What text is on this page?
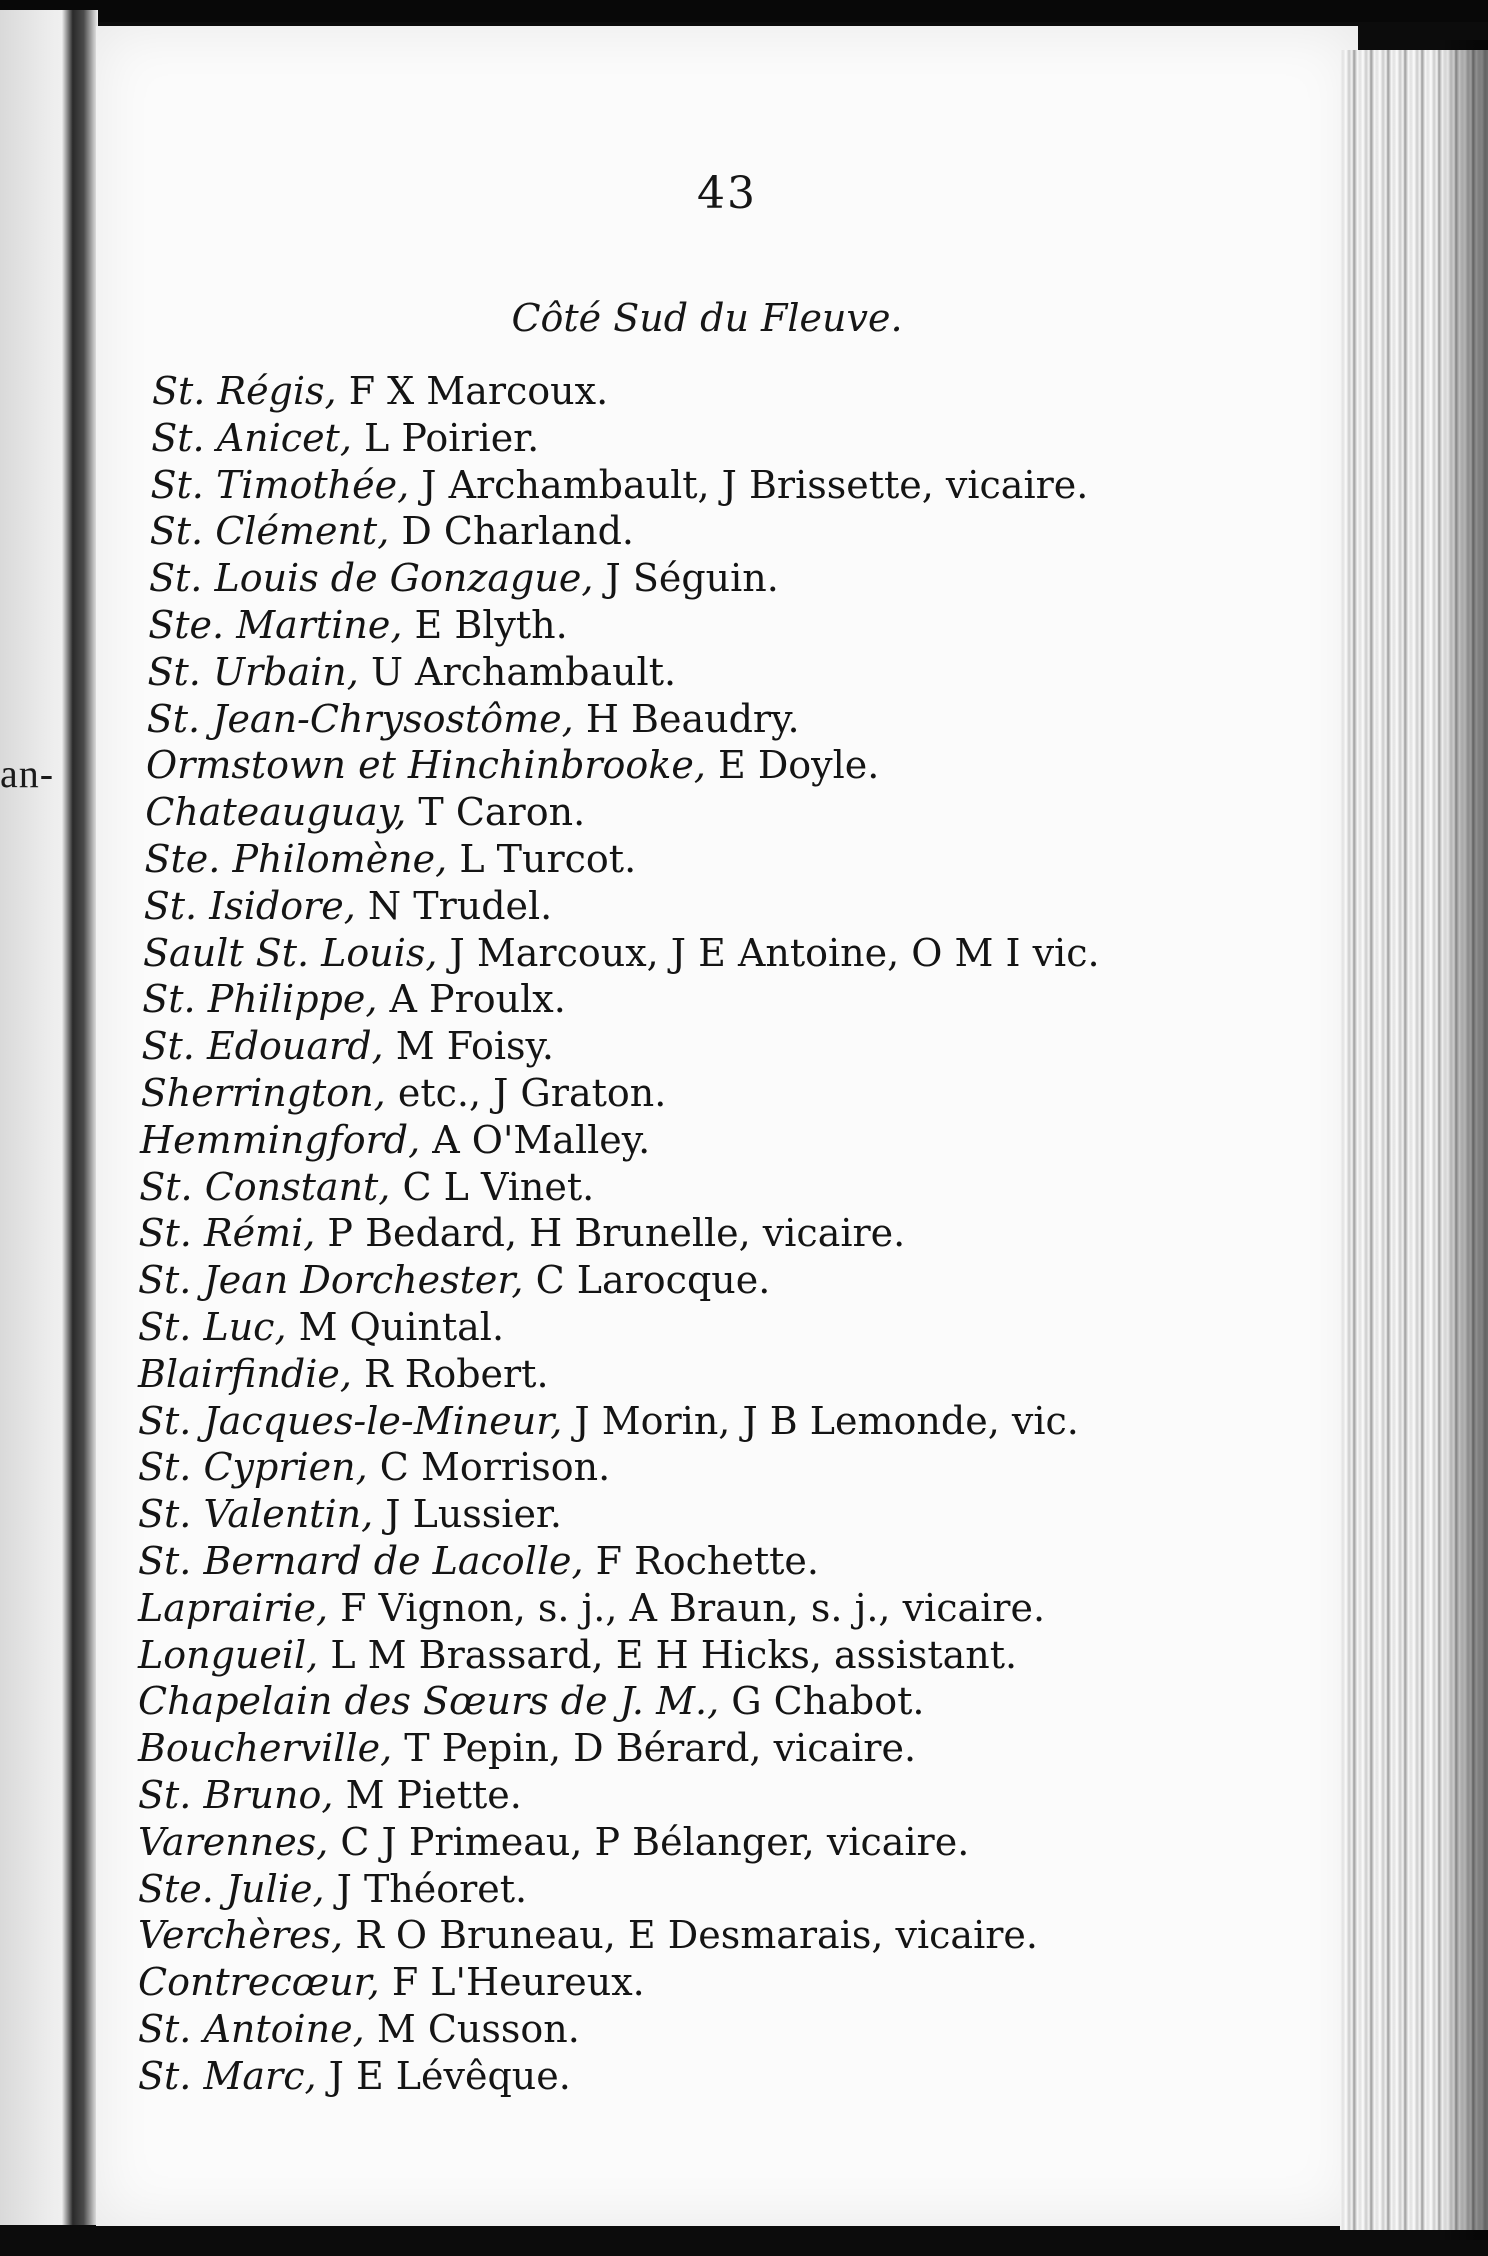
an-
43
Côté Sud du Fleuve.
St. Régis, F X Marcoux.
St. Anicet, L Poirier.
St. Timothée, J Archambault, J Brissette, vicaire.
St. Clément, D Charland.
St. Louis de Gonzague, J Séguin.
Ste. Martine, E Blyth.
St. Urbain, U Archambault.
St. Jean-Chrysostôme, H Beaudry.
Ormstown et Hinchinbrooke, E Doyle.
Chateauguay, T Caron.
Ste. Philomène, L Turcot.
St. Isidore, N Trudel.
Sault St. Louis, J Marcoux, J E Antoine, O M I vic.
St. Philippe, A Proulx.
St. Edouard, M Foisy.
Sherrington, etc., J Graton.
Hemmingford, A O'Malley.
St. Constant, C L Vinet.
St. Rémi, P Bedard, H Brunelle, vicaire.
St. Jean Dorchester, C Larocque.
St. Luc, M Quintal.
Blairfindie, R Robert.
St. Jacques-le-Mineur, J Morin, J B Lemonde, vic.
St. Cyprien, C Morrison.
St. Valentin, J Lussier.
St. Bernard de Lacolle, F Rochette.
Laprairie, F Vignon, s. j., A Braun, s. j., vicaire.
Longueil, L M Brassard, E H Hicks, assistant.
Chapelain des Sœurs de J. M., G Chabot.
Boucherville, T Pepin, D Bérard, vicaire.
St. Bruno, M Piette.
Varennes, C J Primeau, P Bélanger, vicaire.
Ste. Julie, J Théoret.
Verchères, R O Bruneau, E Desmarais, vicaire.
Contrecœur, F L'Heureux.
St. Antoine, M Cusson.
St. Marc, J E Lévêque.
